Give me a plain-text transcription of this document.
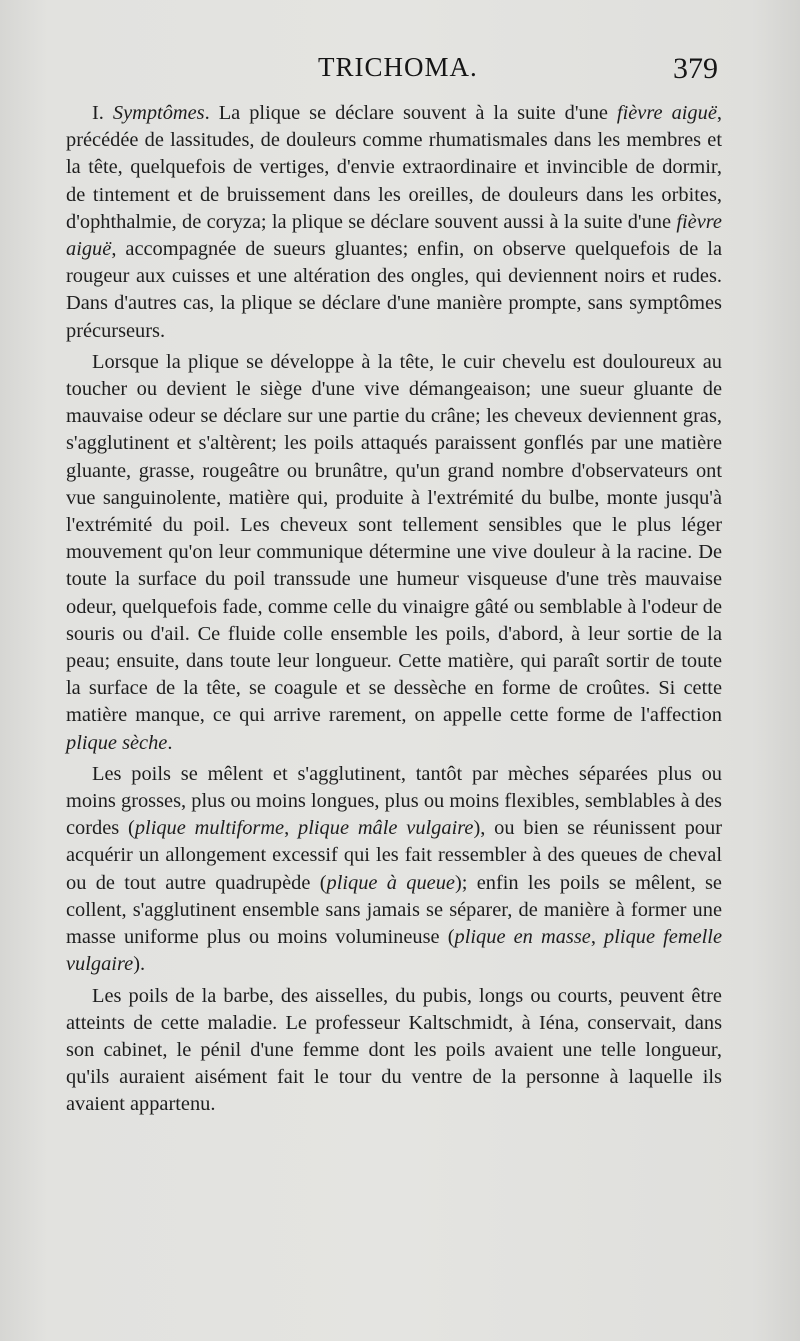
TRICHOMA.	379

I. Symptômes. La plique se déclare souvent à la suite d'une fièvre aiguë, précédée de lassitudes, de douleurs comme rhumatismales dans les membres et la tête, quelquefois de vertiges, d'envie extraordinaire et invincible de dormir, de tintement et de bruissement dans les oreilles, de douleurs dans les orbites, d'ophthalmie, de coryza; la plique se déclare souvent aussi à la suite d'une fièvre aiguë, accompagnée de sueurs gluantes; enfin, on observe quelquefois de la rougeur aux cuisses et une altération des ongles, qui deviennent noirs et rudes. Dans d'autres cas, la plique se déclare d'une manière prompte, sans symptômes précurseurs.

Lorsque la plique se développe à la tête, le cuir chevelu est douloureux au toucher ou devient le siège d'une vive démangeaison; une sueur gluante de mauvaise odeur se déclare sur une partie du crâne; les cheveux deviennent gras, s'agglutinent et s'altèrent; les poils attaqués paraissent gonflés par une matière gluante, grasse, rougeâtre ou brunâtre, qu'un grand nombre d'observateurs ont vue sanguinolente, matière qui, produite à l'extrémité du bulbe, monte jusqu'à l'extrémité du poil. Les cheveux sont tellement sensibles que le plus léger mouvement qu'on leur communique détermine une vive douleur à la racine. De toute la surface du poil transsude une humeur visqueuse d'une très mauvaise odeur, quelquefois fade, comme celle du vinaigre gâté ou semblable à l'odeur de souris ou d'ail. Ce fluide colle ensemble les poils, d'abord, à leur sortie de la peau; ensuite, dans toute leur longueur. Cette matière, qui paraît sortir de toute la surface de la tête, se coagule et se dessèche en forme de croûtes. Si cette matière manque, ce qui arrive rarement, on appelle cette forme de l'affection plique sèche.

Les poils se mêlent et s'agglutinent, tantôt par mèches séparées plus ou moins grosses, plus ou moins longues, plus ou moins flexibles, semblables à des cordes (plique multiforme, plique mâle vulgaire), ou bien se réunissent pour acquérir un allongement excessif qui les fait ressembler à des queues de cheval ou de tout autre quadrupède (plique à queue); enfin les poils se mêlent, se collent, s'agglutinent ensemble sans jamais se séparer, de manière à former une masse uniforme plus ou moins volumineuse (plique en masse, plique femelle vulgaire).

Les poils de la barbe, des aisselles, du pubis, longs ou courts, peuvent être atteints de cette maladie. Le professeur Kaltschmidt, à Iéna, conservait, dans son cabinet, le pénil d'une femme dont les poils avaient une telle longueur, qu'ils auraient aisément fait le tour du ventre de la personne à laquelle ils avaient appartenu.
